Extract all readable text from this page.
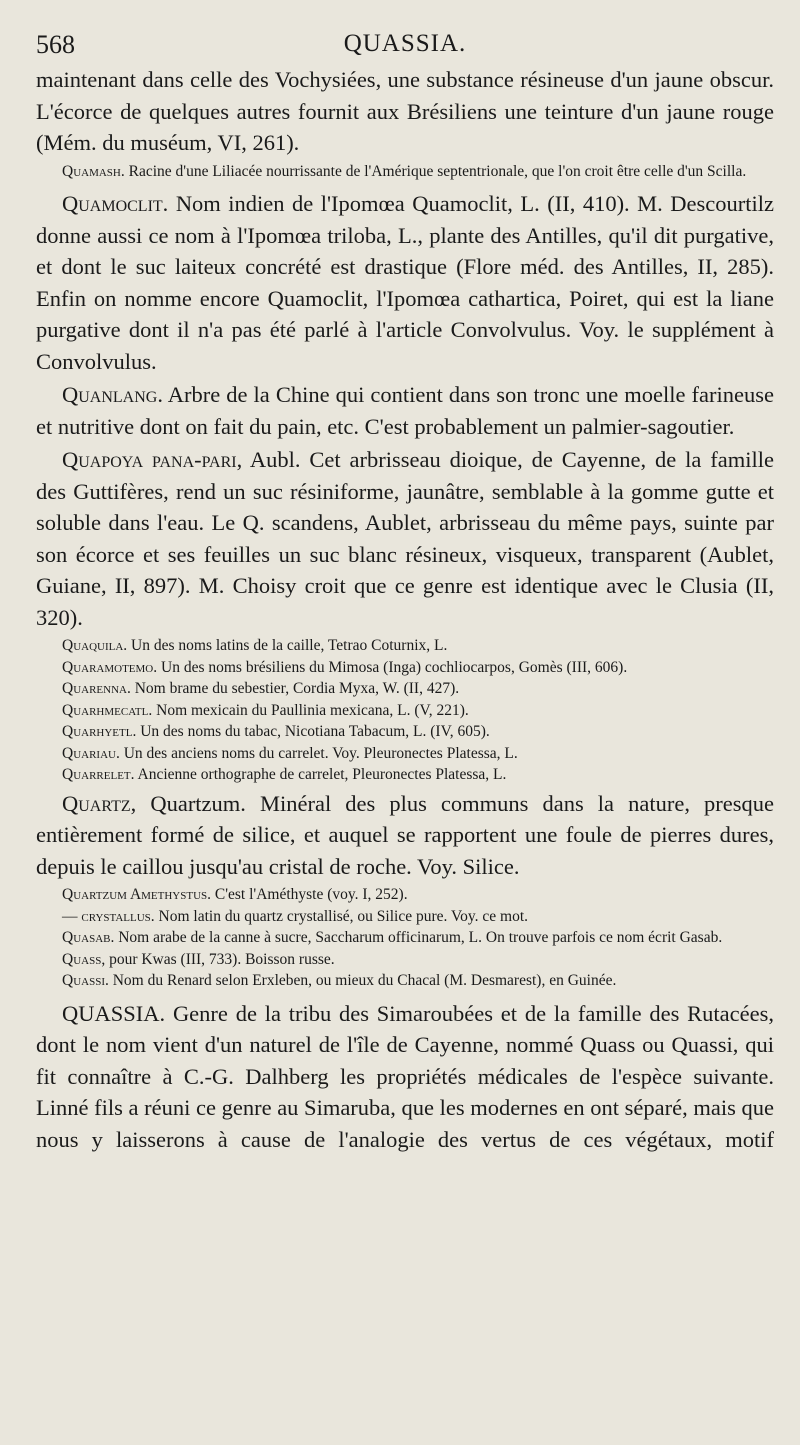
568	QUASSIA.

maintenant dans celle des Vochysiées, une substance résineuse d'un jaune obscur. L'écorce de quelques autres fournit aux Brésiliens une teinture d'un jaune rouge (Mém. du muséum, VI, 261).

Quamash. Racine d'une Liliacée nourrissante de l'Amérique septentrionale, que l'on croit être celle d'un Scilla.

Quamoclit. Nom indien de l'Ipomœa Quamoclit, L. (II, 410). M. Descourtilz donne aussi ce nom à l'Ipomœa triloba, L., plante des Antilles, qu'il dit purgative, et dont le suc laiteux concrété est drastique (Flore méd. des Antilles, II, 285). Enfin on nomme encore Quamoclit, l'Ipomœa cathartica, Poiret, qui est la liane purgative dont il n'a pas été parlé à l'article Convolvulus. Voy. le supplément à Convolvulus.

Quanlang. Arbre de la Chine qui contient dans son tronc une moelle farineuse et nutritive dont on fait du pain, etc. C'est probablement un palmier-sagoutier.

Quapoya pana-pari, Aubl. Cet arbrisseau dioique, de Cayenne, de la famille des Guttifères, rend un suc résiniforme, jaunâtre, semblable à la gomme gutte et soluble dans l'eau. Le Q. scandens, Aublet, arbrisseau du même pays, suinte par son écorce et ses feuilles un suc blanc résineux, visqueux, transparent (Aublet, Guiane, II, 897). M. Choisy croit que ce genre est identique avec le Clusia (II, 320).

Quaquila. Un des noms latins de la caille, Tetrao Coturnix, L.

Quaramotemo. Un des noms brésiliens du Mimosa (Inga) cochliocarpos, Gomès (III, 606).

Quarenna. Nom brame du sebestier, Cordia Myxa, W. (II, 427).

Quarhmecatl. Nom mexicain du Paullinia mexicana, L. (V, 221).

Quarhyetl. Un des noms du tabac, Nicotiana Tabacum, L. (IV, 605).

Quariau. Un des anciens noms du carrelet. Voy. Pleuronectes Platessa, L.

Quarrelet. Ancienne orthographe de carrelet, Pleuronectes Platessa, L.

Quartz, Quartzum. Minéral des plus communs dans la nature, presque entièrement formé de silice, et auquel se rapportent une foule de pierres dures, depuis le caillou jusqu'au cristal de roche. Voy. Silice.

Quartzum Amethystus. C'est l'Améthyste (voy. I, 252).

— crystallus. Nom latin du quartz crystallisé, ou Silice pure. Voy. ce mot.

Quasab. Nom arabe de la canne à sucre, Saccharum officinarum, L. On trouve parfois ce nom écrit Gasab.

Quass, pour Kwas (III, 733). Boisson russe.

Quassi. Nom du Renard selon Erxleben, ou mieux du Chacal (M. Desmarest), en Guinée.

QUASSIA. Genre de la tribu des Simaroubées et de la famille des Rutacées, dont le nom vient d'un naturel de l'île de Cayenne, nommé Quass ou Quassi, qui fit connaître à C.-G. Dalhberg les propriétés médicales de l'espèce suivante. Linné fils a réuni ce genre au Simaruba, que les modernes en ont séparé, mais que nous y laisserons à cause de l'analogie des vertus de ces végétaux, motif
